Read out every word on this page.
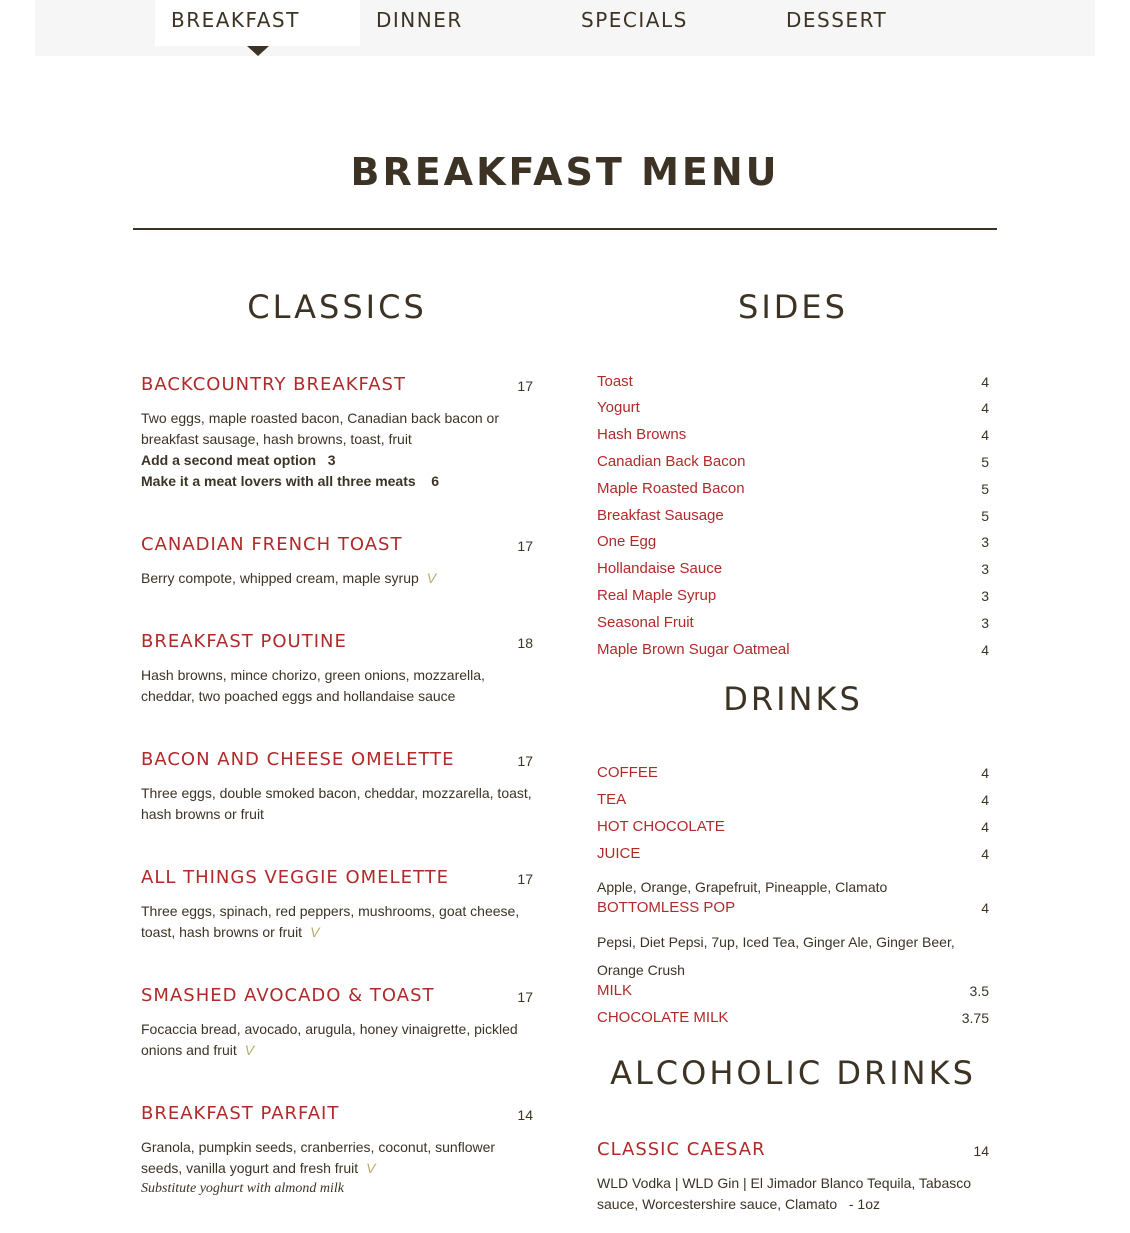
BREAKFAST	DINNER	SPECIALS	DESSERT
BREAKFAST MENU
CLASSICS
BACKCOUNTRY BREAKFAST	17
Two eggs, maple roasted bacon, Canadian back bacon or breakfast sausage, hash browns, toast, fruit
Add a second meat option 3
Make it a meat lovers with all three meats 6
CANADIAN FRENCH TOAST	17
Berry compote, whipped cream, maple syrup V
BREAKFAST POUTINE	18
Hash browns, mince chorizo, green onions, mozzarella, cheddar, two poached eggs and hollandaise sauce
BACON AND CHEESE OMELETTE	17
Three eggs, double smoked bacon, cheddar, mozzarella, toast, hash browns or fruit
ALL THINGS VEGGIE OMELETTE	17
Three eggs, spinach, red peppers, mushrooms, goat cheese, toast, hash browns or fruit V
SMASHED AVOCADO & TOAST	17
Focaccia bread, avocado, arugula, honey vinaigrette, pickled onions and fruit V
BREAKFAST PARFAIT	14
Granola, pumpkin seeds, cranberries, coconut, sunflower seeds, vanilla yogurt and fresh fruit V
Substitute yoghurt with almond milk
SIDES
Toast	4
Yogurt	4
Hash Browns	4
Canadian Back Bacon	5
Maple Roasted Bacon	5
Breakfast Sausage	5
One Egg	3
Hollandaise Sauce	3
Real Maple Syrup	3
Seasonal Fruit	3
Maple Brown Sugar Oatmeal	4
DRINKS
COFFEE	4
TEA	4
HOT CHOCOLATE	4
JUICE	4
Apple, Orange, Grapefruit, Pineapple, Clamato
BOTTOMLESS POP	4
Pepsi, Diet Pepsi, 7up, Iced Tea, Ginger Ale, Ginger Beer, Orange Crush
MILK	3.5
CHOCOLATE MILK	3.75
ALCOHOLIC DRINKS
CLASSIC CAESAR	14
WLD Vodka | WLD Gin | El Jimador Blanco Tequila, Tabasco sauce, Worcestershire sauce, Clamato - 1oz
